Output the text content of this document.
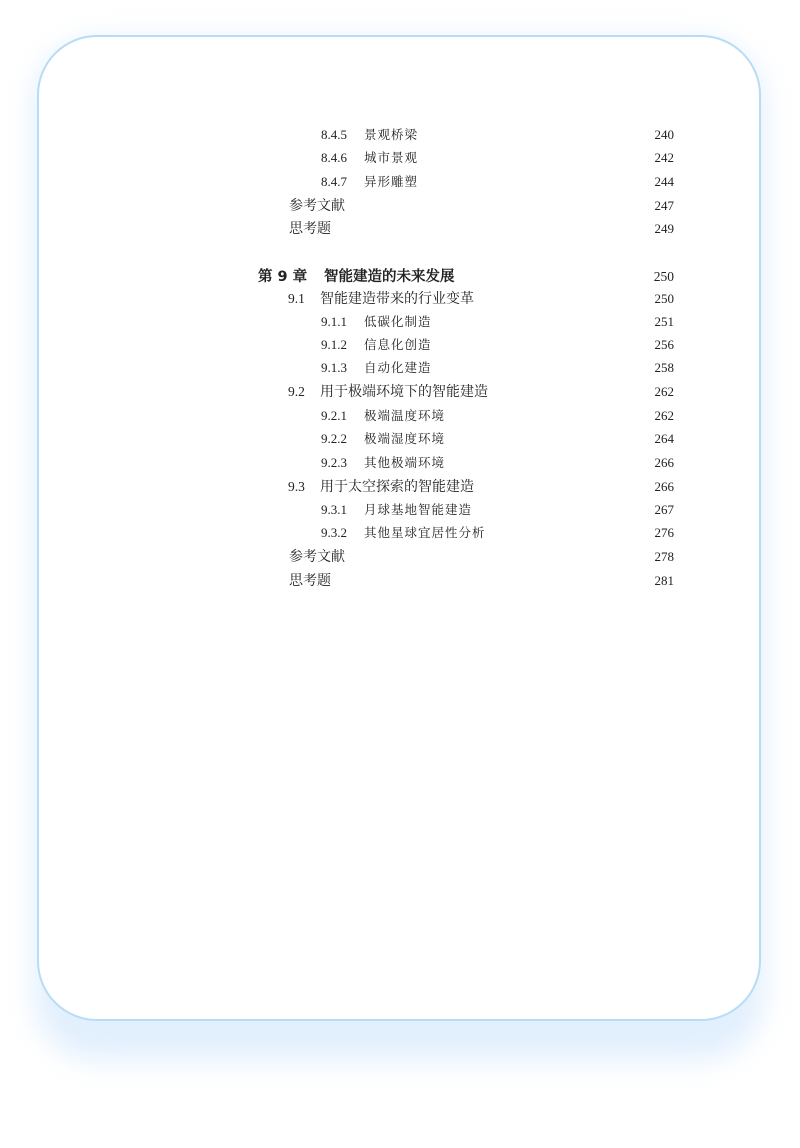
8.4.5 景观桥梁	240
8.4.6 城市景观	242
8.4.7 异形雕塑	244
参考文献	247
思考题	249
第 9 章 智能建造的未来发展	250
9.1 智能建造带来的行业变革	250
9.1.1 低碳化制造	251
9.1.2 信息化创造	256
9.1.3 自动化建造	258
9.2 用于极端环境下的智能建造	262
9.2.1 极端温度环境	262
9.2.2 极端湿度环境	264
9.2.3 其他极端环境	266
9.3 用于太空探索的智能建造	266
9.3.1 月球基地智能建造	267
9.3.2 其他星球宜居性分析	276
参考文献	278
思考题	281
